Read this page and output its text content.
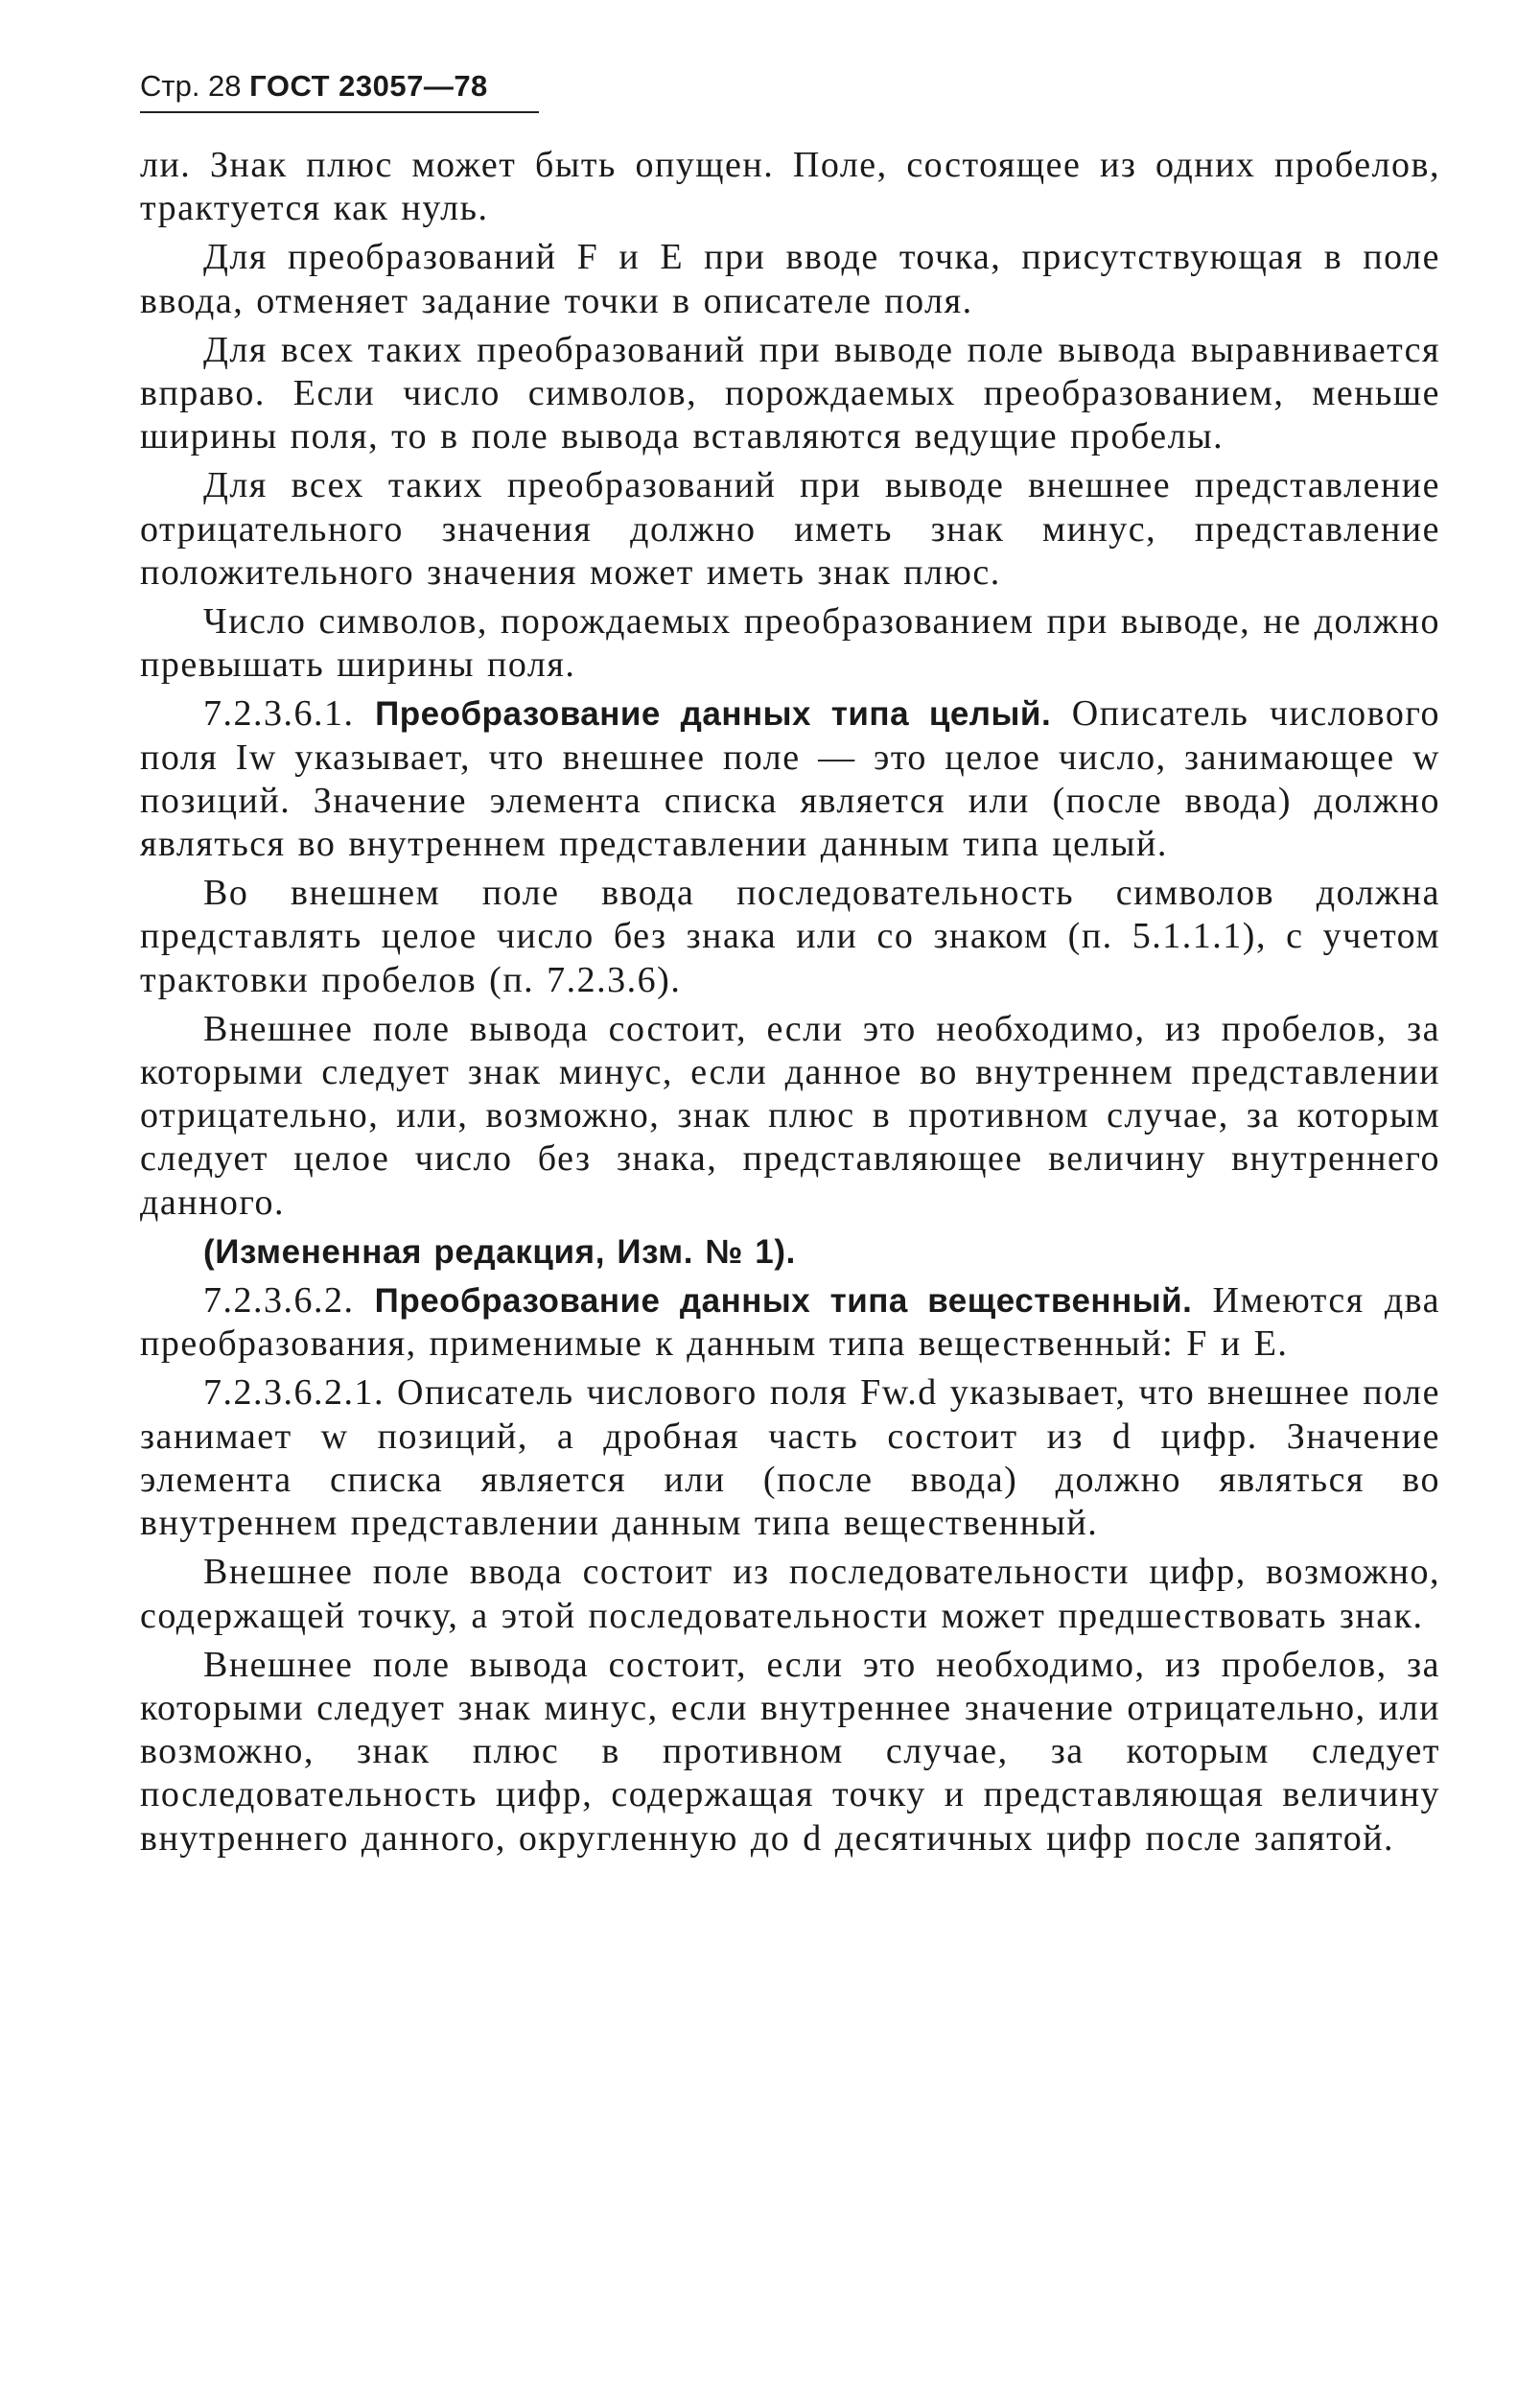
Стр. 28 ГОСТ 23057—78

ли. Знак плюс может быть опущен. Поле, состоящее из одних пробелов, трактуется как нуль.

Для преобразований F и E при вводе точка, присутствующая в поле ввода, отменяет задание точки в описателе поля.

Для всех таких преобразований при выводе поле вывода выравнивается вправо. Если число символов, порождаемых преобразованием, меньше ширины поля, то в поле вывода вставляются ведущие пробелы.

Для всех таких преобразований при выводе внешнее представление отрицательного значения должно иметь знак минус, представление положительного значения может иметь знак плюс.

Число символов, порождаемых преобразованием при выводе, не должно превышать ширины поля.

7.2.3.6.1. Преобразование данных типа целый. Описатель числового поля Iw указывает, что внешнее поле — это целое число, занимающее w позиций. Значение элемента списка является или (после ввода) должно являться во внутреннем представлении данным типа целый.

Во внешнем поле ввода последовательность символов должна представлять целое число без знака или со знаком (п. 5.1.1.1), с учетом трактовки пробелов (п. 7.2.3.6).

Внешнее поле вывода состоит, если это необходимо, из пробелов, за которыми следует знак минус, если данное во внутреннем представлении отрицательно, или, возможно, знак плюс в противном случае, за которым следует целое число без знака, представляющее величину внутреннего данного.

(Измененная редакция, Изм. № 1).

7.2.3.6.2. Преобразование данных типа вещественный. Имеются два преобразования, применимые к данным типа вещественный: F и E.

7.2.3.6.2.1. Описатель числового поля Fw.d указывает, что внешнее поле занимает w позиций, а дробная часть состоит из d цифр. Значение элемента списка является или (после ввода) должно являться во внутреннем представлении данным типа вещественный.

Внешнее поле ввода состоит из последовательности цифр, возможно, содержащей точку, а этой последовательности может предшествовать знак.

Внешнее поле вывода состоит, если это необходимо, из пробелов, за которыми следует знак минус, если внутреннее значение отрицательно, или возможно, знак плюс в противном случае, за которым следует последовательность цифр, содержащая точку и представляющая величину внутреннего данного, округленную до d десятичных цифр после запятой.
